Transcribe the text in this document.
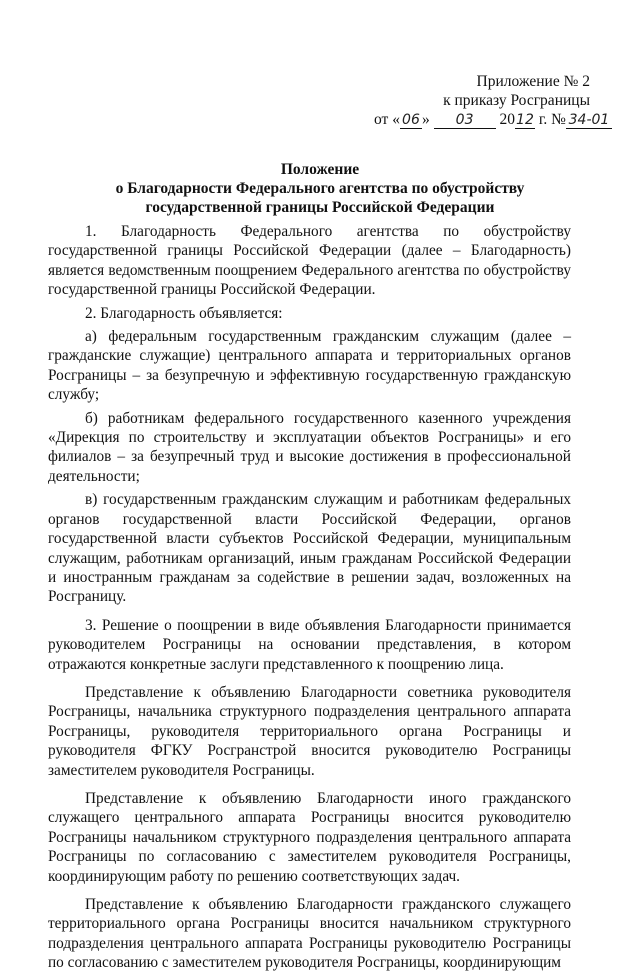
Приложение № 2
к приказу Росграницы
от « 06 » 03 2012 г. № 34-01
Положение
о Благодарности Федерального агентства по обустройству
государственной границы Российской Федерации

1. Благодарность Федерального агентства по обустройству государственной границы Российской Федерации (далее – Благодарность) является ведомственным поощрением Федерального агентства по обустройству государственной границы Российской Федерации.

2. Благодарность объявляется:

а) федеральным государственным гражданским служащим (далее – гражданские служащие) центрального аппарата и территориальных органов Росграницы – за безупречную и эффективную государственную гражданскую службу;

б) работникам федерального государственного казенного учреждения «Дирекция по строительству и эксплуатации объектов Росграницы» и его филиалов – за безупречный труд и высокие достижения в профессиональной деятельности;

в) государственным гражданским служащим и работникам федеральных органов государственной власти Российской Федерации, органов государственной власти субъектов Российской Федерации, муниципальным служащим, работникам организаций, иным гражданам Российской Федерации и иностранным гражданам за содействие в решении задач, возложенных на Росграницу.

3. Решение о поощрении в виде объявления Благодарности принимается руководителем Росграницы на основании представления, в котором отражаются конкретные заслуги представленного к поощрению лица.

Представление к объявлению Благодарности советника руководителя Росграницы, начальника структурного подразделения центрального аппарата Росграницы, руководителя территориального органа Росграницы и руководителя ФГКУ Росгранстрой вносится руководителю Росграницы заместителем руководителя Росграницы.

Представление к объявлению Благодарности иного гражданского служащего центрального аппарата Росграницы вносится руководителю Росграницы начальником структурного подразделения центрального аппарата Росграницы по согласованию с заместителем руководителя Росграницы, координирующим работу по решению соответствующих задач.

Представление к объявлению Благодарности гражданского служащего территориального органа Росграницы вносится начальником структурного подразделения центрального аппарата Росграницы руководителю Росграницы по согласованию с заместителем руководителя Росграницы, координирующим
